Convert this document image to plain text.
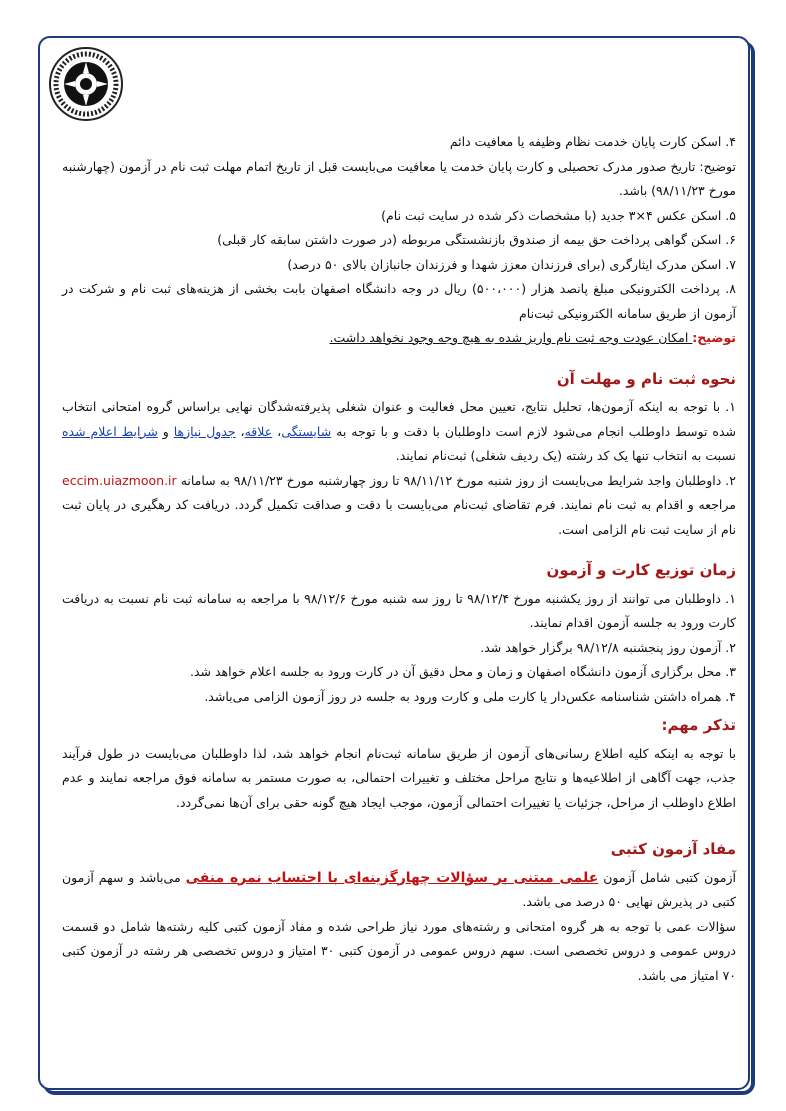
۴. اسکن کارت پایان خدمت نظام وظیفه یا معافیت دائم

توضیح: تاریخ صدور مدرک تحصیلی و کارت پایان خدمت یا معافیت می‌بایست قبل از تاریخ اتمام مهلت ثبت نام در آزمون (چهارشنبه مورخ ۹۸/۱۱/۲۳) باشد.

۵. اسکن عکس ۴×۳ جدید (با مشخصات ذکر شده در سایت ثبت نام)

۶. اسکن گواهی پرداخت حق بیمه از صندوق بازنشستگی مربوطه (در صورت داشتن سابقه کار قبلی)

۷. اسکن مدرک ایثارگری (برای فرزندان معزز شهدا و فرزندان جانبازان بالای ۵۰ درصد)

۸. پرداخت الکترونیکی مبلغ پانصد هزار (۵۰۰،۰۰۰) ریال در وجه دانشگاه اصفهان بابت بخشی از هزینه‌های ثبت نام و شرکت در آزمون از طریق سامانه الکترونیکی ثبت‌نام

توضیح: امکان عودت وجه ثبت نام واریز شده به هیچ وجه وجود نخواهد داشت.

نحوه ثبت نام و مهلت آن

۱. با توجه به اینکه آزمون‌ها، تحلیل نتایج، تعیین محل فعالیت و عنوان شغلی پذیرفته‌شدگان نهایی براساس گروه امتحانی انتخاب شده توسط داوطلب انجام می‌شود لازم است داوطلبان با دقت و با توجه به شایستگی، علاقه، جدول نیازها و شرایط اعلام شده نسبت به انتخاب تنها یک کد رشته (یک ردیف شغلی) ثبت‌نام نمایند.

۲. داوطلبان واجد شرایط می‌بایست از روز شنبه مورخ ۹۸/۱۱/۱۲ تا روز چهارشنبه مورخ ۹۸/۱۱/۲۳ به سامانه eccim.uiazmoon.ir مراجعه و اقدام به ثبت نام نمایند. فرم تقاضای ثبت‌نام می‌بایست با دقت و صداقت تکمیل گردد. دریافت کد رهگیری در پایان ثبت نام از سایت ثبت نام الزامی است.

زمان توزیع کارت و آزمون

۱. داوطلبان می توانند از روز یکشنبه مورخ ۹۸/۱۲/۴ تا روز سه شنبه مورخ ۹۸/۱۲/۶ با مراجعه به سامانه ثبت نام نسبت به دریافت کارت ورود به جلسه آزمون اقدام نمایند.

۲. آزمون روز پنجشنبه ۹۸/۱۲/۸ برگزار خواهد شد.

۳. محل برگزاری آزمون دانشگاه اصفهان و زمان و محل دقیق آن در کارت ورود به جلسه اعلام خواهد شد.

۴. همراه داشتن شناسنامه عکس‌دار یا کارت ملی و کارت ورود به جلسه در روز آزمون الزامی می‌باشد.

تذکر مهم:

با توجه به اینکه کلیه اطلاع رسانی‌های آزمون از طریق سامانه ثبت‌نام انجام خواهد شد، لذا داوطلبان می‌بایست در طول فرآیند جذب، جهت آگاهی از اطلاعیه‌ها و نتایج مراحل مختلف و تغییرات احتمالی، به صورت مستمر به سامانه فوق مراجعه نمایند و عدم اطلاع داوطلب از مراحل، جزئیات یا تغییرات احتمالی آزمون، موجب ایجاد هیچ گونه حقی برای آن‌ها نمی‌گردد.

مفاد آزمون کتبی

آزمون کتبی شامل آزمون علمی مبتنی بر سؤالات چهارگزینه‌ای با احتساب نمره منفی می‌باشد و سهم آزمون کتبی در پذیرش نهایی ۵۰ درصد می باشد.

سؤالات عمی با توجه به هر گروه امتحانی و رشته‌های مورد نیاز طراحی شده و مفاد آزمون کتبی کلیه رشته‌ها شامل دو قسمت دروس عمومی و دروس تخصصی است. سهم دروس عمومی در آزمون کتبی ۳۰ امتیاز و دروس تخصصی هر رشته در آزمون کتبی ۷۰ امتیاز می باشد.
